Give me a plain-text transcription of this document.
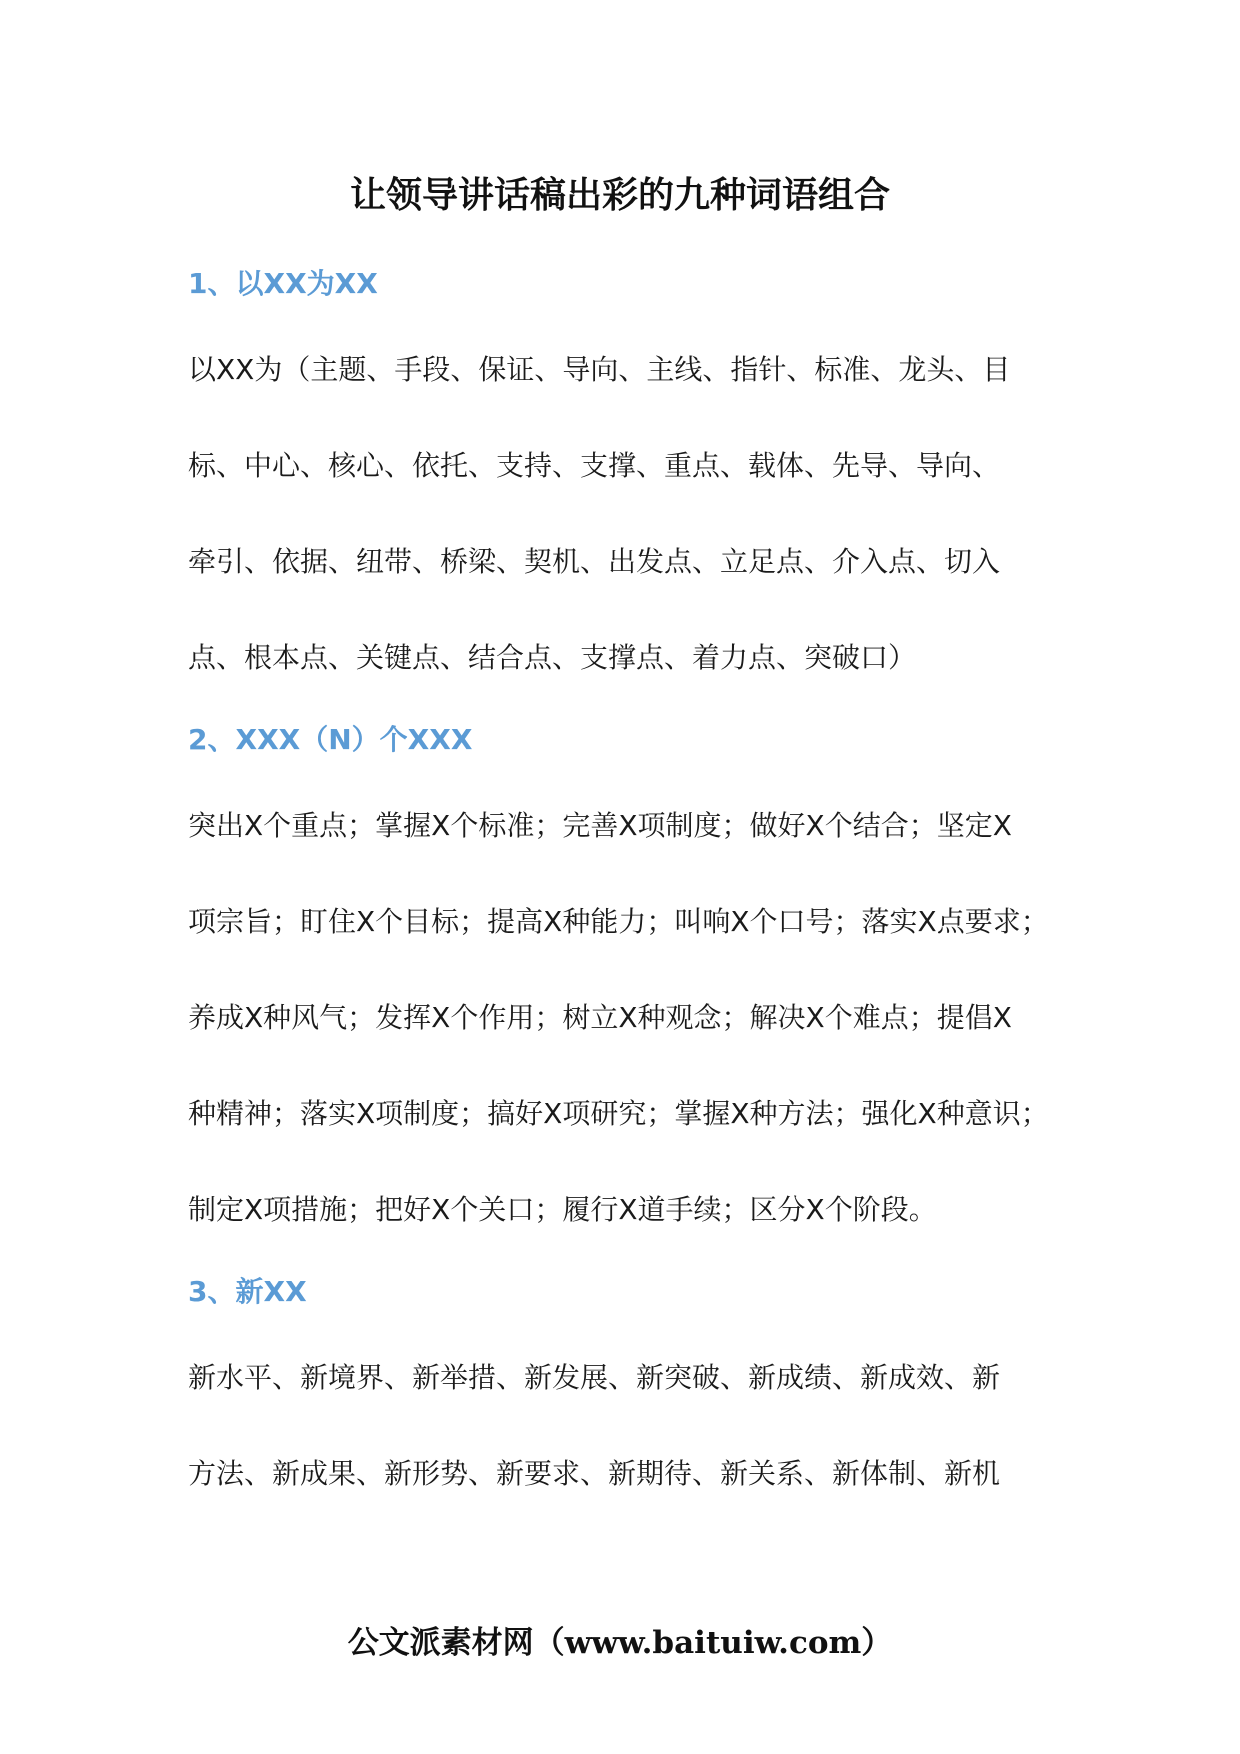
让领导讲话稿出彩的九种词语组合
1、以XX为XX
以XX为（主题、手段、保证、导向、主线、指针、标准、龙头、目
标、中心、核心、依托、支持、支撑、重点、载体、先导、导向、
牵引、依据、纽带、桥梁、契机、出发点、立足点、介入点、切入
点、根本点、关键点、结合点、支撑点、着力点、突破口）
2、XXX（N）个XXX
突出X个重点；掌握X个标准；完善X项制度；做好X个结合；坚定X
项宗旨；盯住X个目标；提高X种能力；叫响X个口号；落实X点要求；
养成X种风气；发挥X个作用；树立X种观念；解决X个难点；提倡X
种精神；落实X项制度；搞好X项研究；掌握X种方法；强化X种意识；
制定X项措施；把好X个关口；履行X道手续；区分X个阶段。
3、新XX
新水平、新境界、新举措、新发展、新突破、新成绩、新成效、新
方法、新成果、新形势、新要求、新期待、新关系、新体制、新机
公文派素材网（www.baituiw.com）
